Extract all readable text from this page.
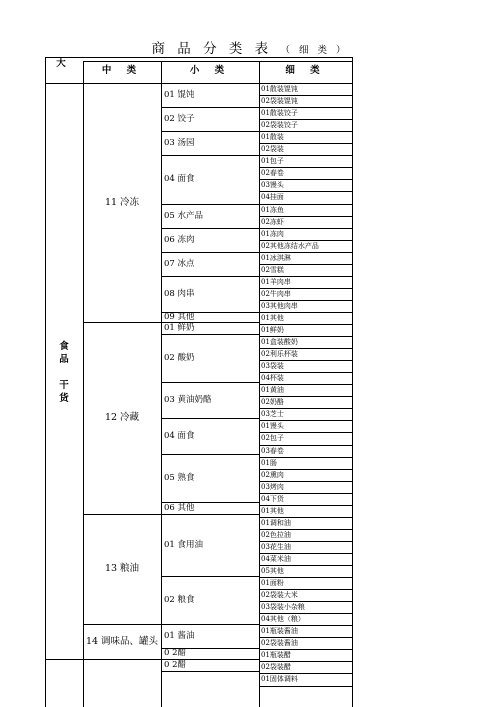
商 品 分 类 表 （ 细 类 ）
大
中 类	小 类	细 类
食
品

干
货
11 冷冻
12 冷藏
13 粮油
14 调味品、罐头
01 馄饨
02 饺子
03 汤园
04 面食
05 水产品
06 冻肉
07 冰点
08 肉串
09 其他
01 鲜奶
02 酸奶
03 黄油奶酪
04 面食
05 熟食
06 其他
01 食用油
02 粮食
01 酱油
0 2醋
0 2醋
01散装馄饨
02袋装馄饨
01散装饺子
02袋装饺子
01散装
02袋装
01包子
02春卷
03馒头
04挂面
01冻鱼
02冻虾
01冻肉
02其他冻结水产品
01冰淇淋
02雪糕
01羊肉串
02牛肉串
03其他肉串
01其他
01鲜奶
01盒装酸奶
02利乐杯装
03袋装
04杯装
01黄油
02奶酪
03芝士
01馒头
02包子
03春卷
01肠
02熏肉
03烤肉
04下货
01其他
01调和油
02色拉油
03花生油
04菜米油
05其他
01面粉
02袋装大米
03袋装小杂粮
04其他（粮）
01瓶装酱油
02袋装酱油
01瓶装醋
02袋装醋
01固体调料
